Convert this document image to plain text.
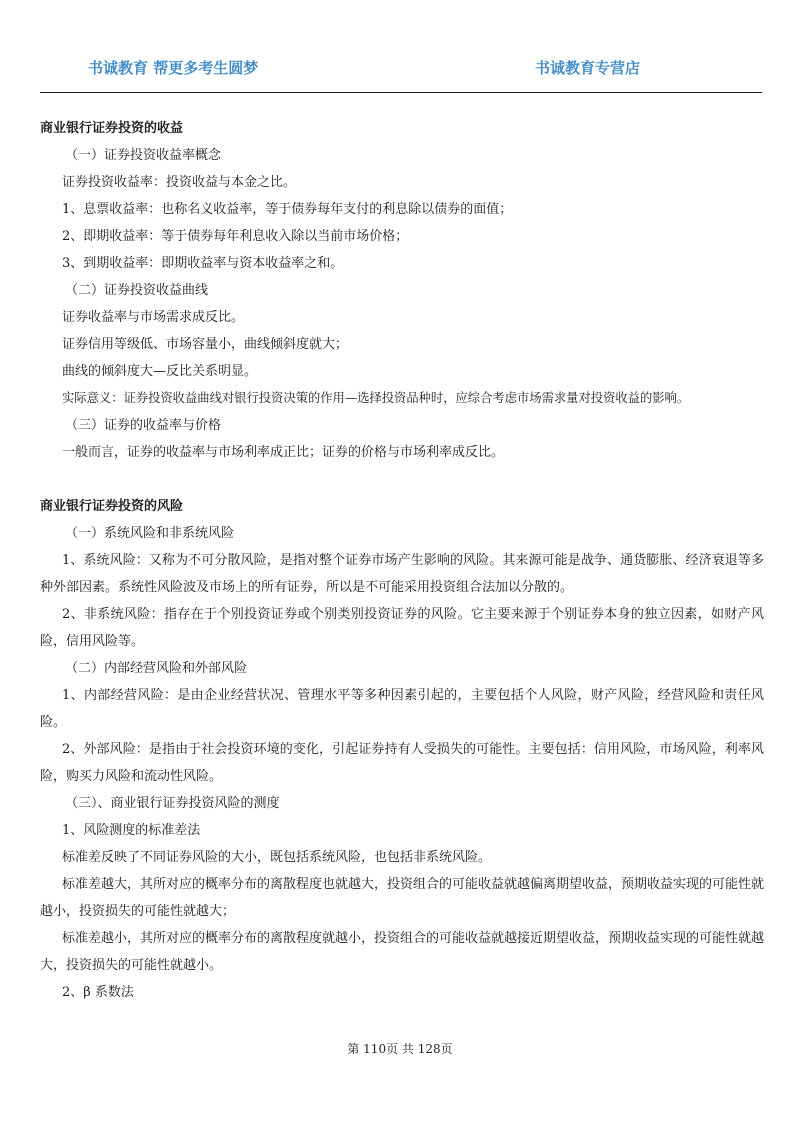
书诚教育 帮更多考生圆梦	书诚教育专营店
商业银行证券投资的收益
（一）证券投资收益率概念
证券投资收益率：投资收益与本金之比。
1、息票收益率：也称名义收益率，等于债券每年支付的利息除以债券的面值；
2、即期收益率：等于债券每年利息收入除以当前市场价格；
3、到期收益率：即期收益率与资本收益率之和。
（二）证券投资收益曲线
证券收益率与市场需求成反比。
证券信用等级低、市场容量小，曲线倾斜度就大；
曲线的倾斜度大—反比关系明显。
实际意义：证券投资收益曲线对银行投资决策的作用—选择投资品种时，应综合考虑市场需求量对投资收益的影响。
（三）证券的收益率与价格
一般而言，证券的收益率与市场利率成正比；证券的价格与市场利率成反比。
商业银行证券投资的风险
（一）系统风险和非系统风险
1、系统风险：又称为不可分散风险，是指对整个证券市场产生影响的风险。其来源可能是战争、通货膨胀、经济衰退等多种外部因素。系统性风险波及市场上的所有证券，所以是不可能采用投资组合法加以分散的。
2、非系统风险：指存在于个别投资证券或个别类别投资证券的风险。它主要来源于个别证券本身的独立因素，如财产风险，信用风险等。
（二）内部经营风险和外部风险
1、内部经营风险：是由企业经营状况、管理水平等多种因素引起的，主要包括个人风险，财产风险，经营风险和责任风险。
2、外部风险：是指由于社会投资环境的变化，引起证券持有人受损失的可能性。主要包括：信用风险，市场风险，利率风险，购买力风险和流动性风险。
（三）、商业银行证券投资风险的测度
1、风险测度的标准差法
标准差反映了不同证券风险的大小，既包括系统风险，也包括非系统风险。
标准差越大，其所对应的概率分布的离散程度也就越大，投资组合的可能收益就越偏离期望收益，预期收益实现的可能性就越小，投资损失的可能性就越大；
标准差越小，其所对应的概率分布的离散程度就越小，投资组合的可能收益就越接近期望收益，预期收益实现的可能性就越大，投资损失的可能性就越小。
2、β 系数法
第 110页 共 128页
